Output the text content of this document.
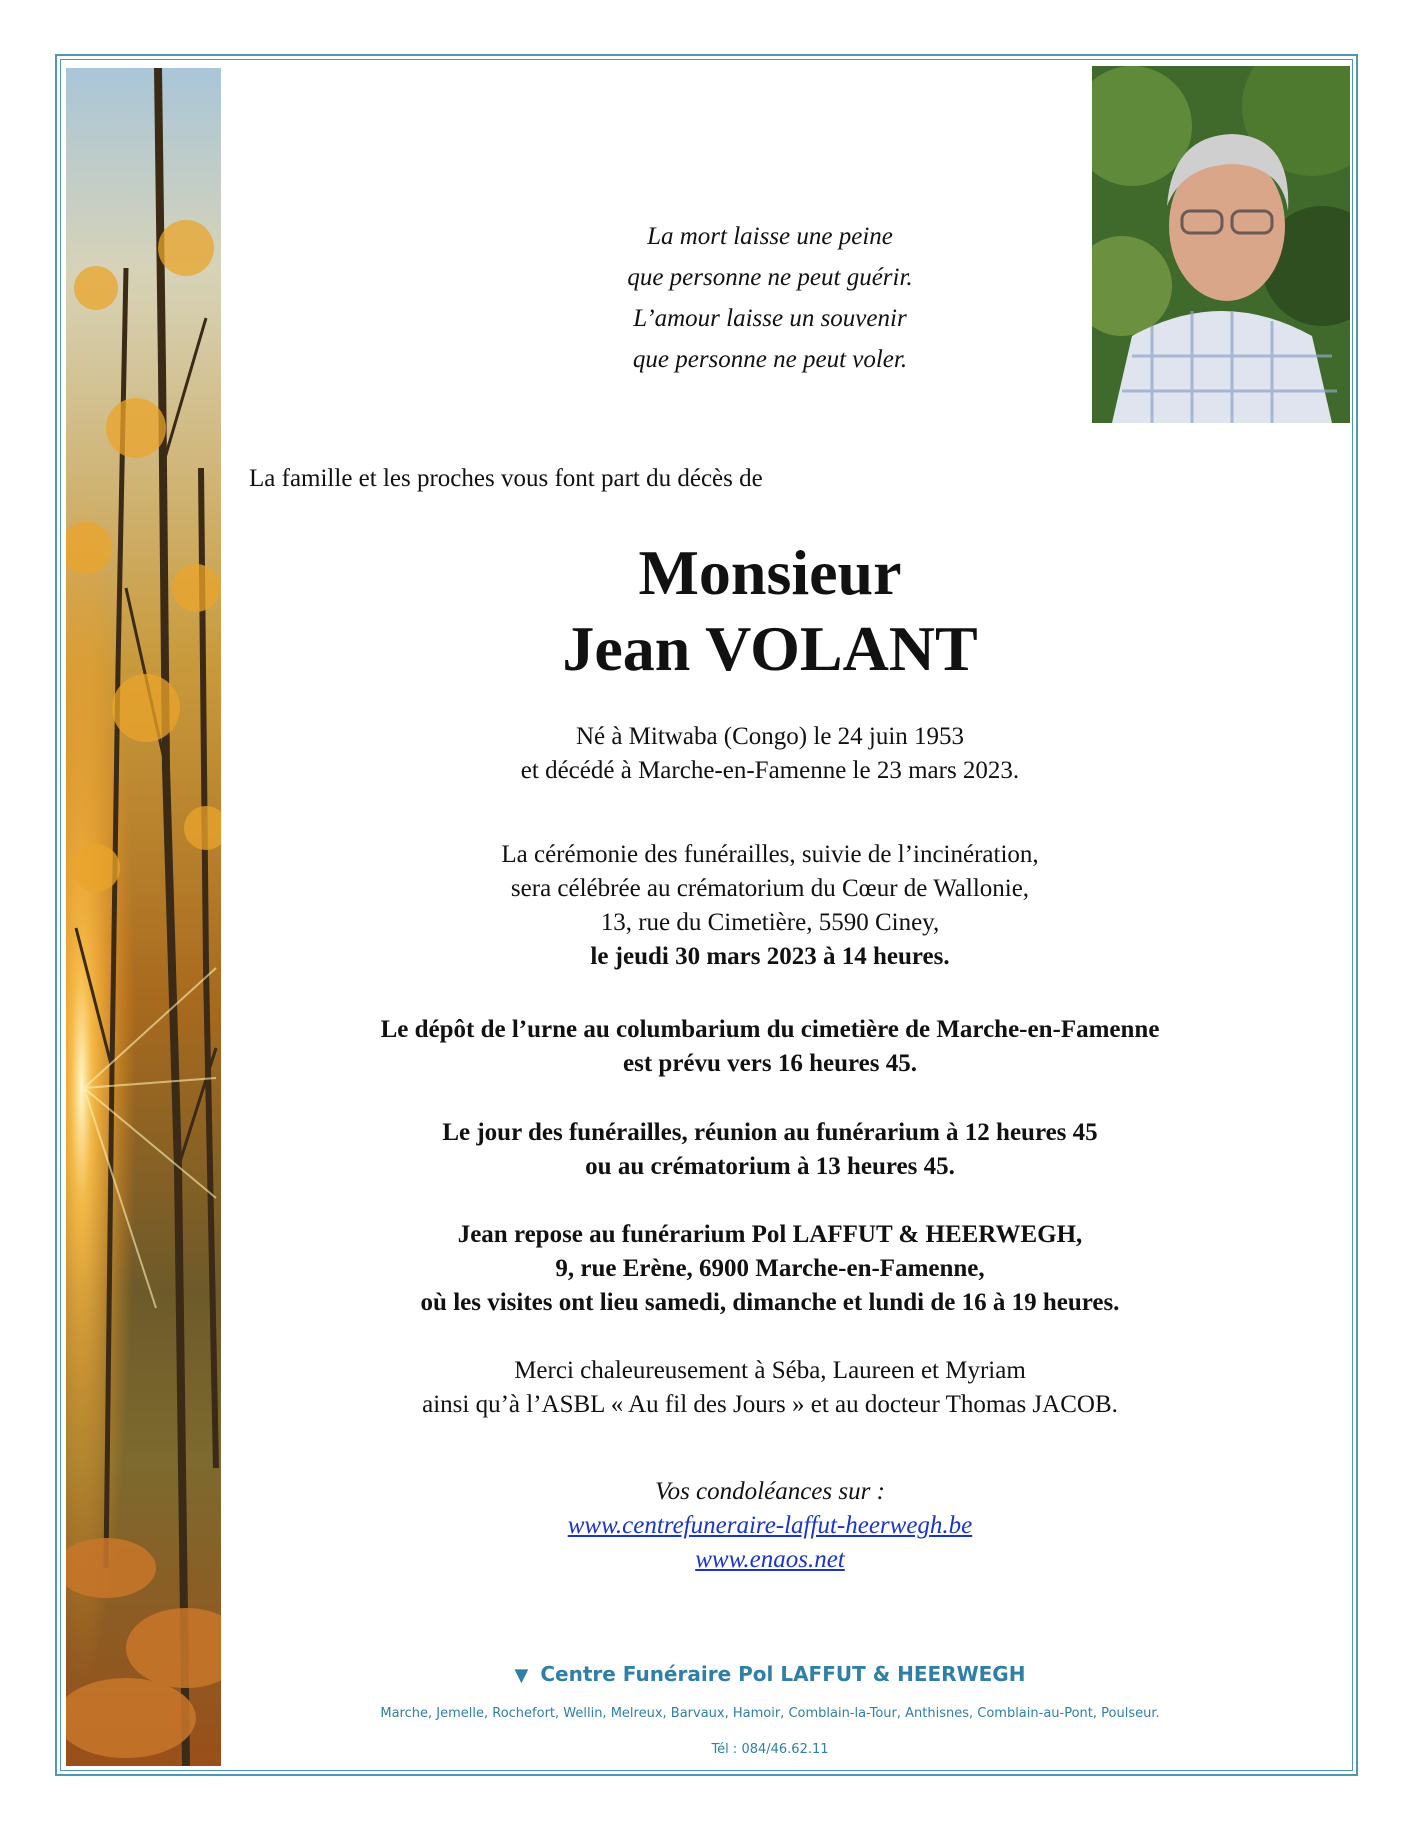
La mort laisse une peine
que personne ne peut guérir.
L’amour laisse un souvenir
que personne ne peut voler.
La famille et les proches vous font part du décès de
Monsieur
Jean VOLANT
Né à Mitwaba (Congo) le 24 juin 1953
et décédé à Marche-en-Famenne le 23 mars 2023.
La cérémonie des funérailles, suivie de l’incinération,
sera célébrée au crématorium du Cœur de Wallonie,
13, rue du Cimetière, 5590 Ciney,
le jeudi 30 mars 2023 à 14 heures.
Le dépôt de l’urne au columbarium du cimetière de Marche-en-Famenne
est prévu vers 16 heures 45.
Le jour des funérailles, réunion au funérarium à 12 heures 45
ou au crématorium à 13 heures 45.
Jean repose au funérarium Pol LAFFUT & HEERWEGH,
9, rue Erène, 6900 Marche-en-Famenne,
où les visites ont lieu samedi, dimanche et lundi de 16 à 19 heures.
Merci chaleureusement à Séba, Laureen et Myriam
ainsi qu’à l’ASBL « Au fil des Jours » et au docteur Thomas JACOB.
Vos condoléances sur :
www.centrefuneraire-laffut-heerwegh.be
www.enaos.net
▼ Centre Funéraire Pol LAFFUT & HEERWEGH
Marche, Jemelle, Rochefort, Wellin, Melreux, Barvaux, Hamoir, Comblain-la-Tour, Anthisnes, Comblain-au-Pont, Poulseur.
Tél : 084/46.62.11
